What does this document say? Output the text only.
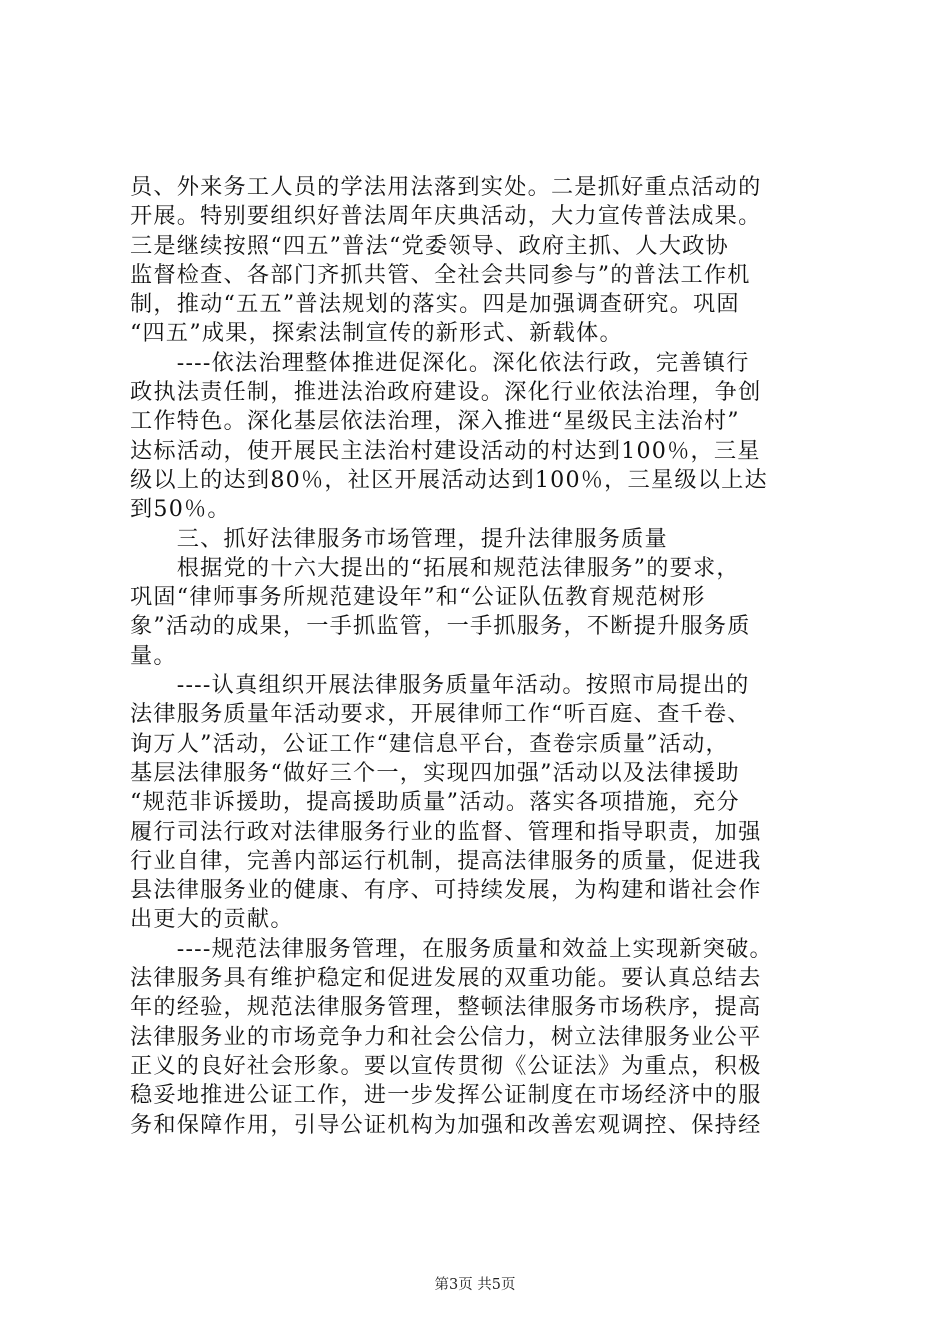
员、外来务工人员的学法用法落到实处。二是抓好重点活动的
开展。特别要组织好普法周年庆典活动，大力宣传普法成果。
三是继续按照“四五”普法“党委领导、政府主抓、人大政协
监督检查、各部门齐抓共管、全社会共同参与”的普法工作机
制，推动“五五”普法规划的落实。四是加强调查研究。巩固
“四五”成果，探索法制宣传的新形式、新载体。
　　----依法治理整体推进促深化。深化依法行政，完善镇行
政执法责任制，推进法治政府建设。深化行业依法治理，争创
工作特色。深化基层依法治理，深入推进“星级民主法治村”
达标活动，使开展民主法治村建设活动的村达到100％，三星
级以上的达到80％，社区开展活动达到100％，三星级以上达
到50％。
　　三、抓好法律服务市场管理，提升法律服务质量
　　根据党的十六大提出的“拓展和规范法律服务”的要求，
巩固“律师事务所规范建设年”和“公证队伍教育规范树形
象”活动的成果，一手抓监管，一手抓服务，不断提升服务质
量。
　　----认真组织开展法律服务质量年活动。按照市局提出的
法律服务质量年活动要求，开展律师工作“听百庭、查千卷、
询万人”活动，公证工作“建信息平台，查卷宗质量”活动，
基层法律服务“做好三个一，实现四加强”活动以及法律援助
“规范非诉援助，提高援助质量”活动。落实各项措施，充分
履行司法行政对法律服务行业的监督、管理和指导职责，加强
行业自律，完善内部运行机制，提高法律服务的质量，促进我
县法律服务业的健康、有序、可持续发展，为构建和谐社会作
出更大的贡献。
　　----规范法律服务管理，在服务质量和效益上实现新突破。
法律服务具有维护稳定和促进发展的双重功能。要认真总结去
年的经验，规范法律服务管理，整顿法律服务市场秩序，提高
法律服务业的市场竞争力和社会公信力，树立法律服务业公平
正义的良好社会形象。要以宣传贯彻《公证法》为重点，积极
稳妥地推进公证工作，进一步发挥公证制度在市场经济中的服
务和保障作用，引导公证机构为加强和改善宏观调控、保持经
第3页 共5页
